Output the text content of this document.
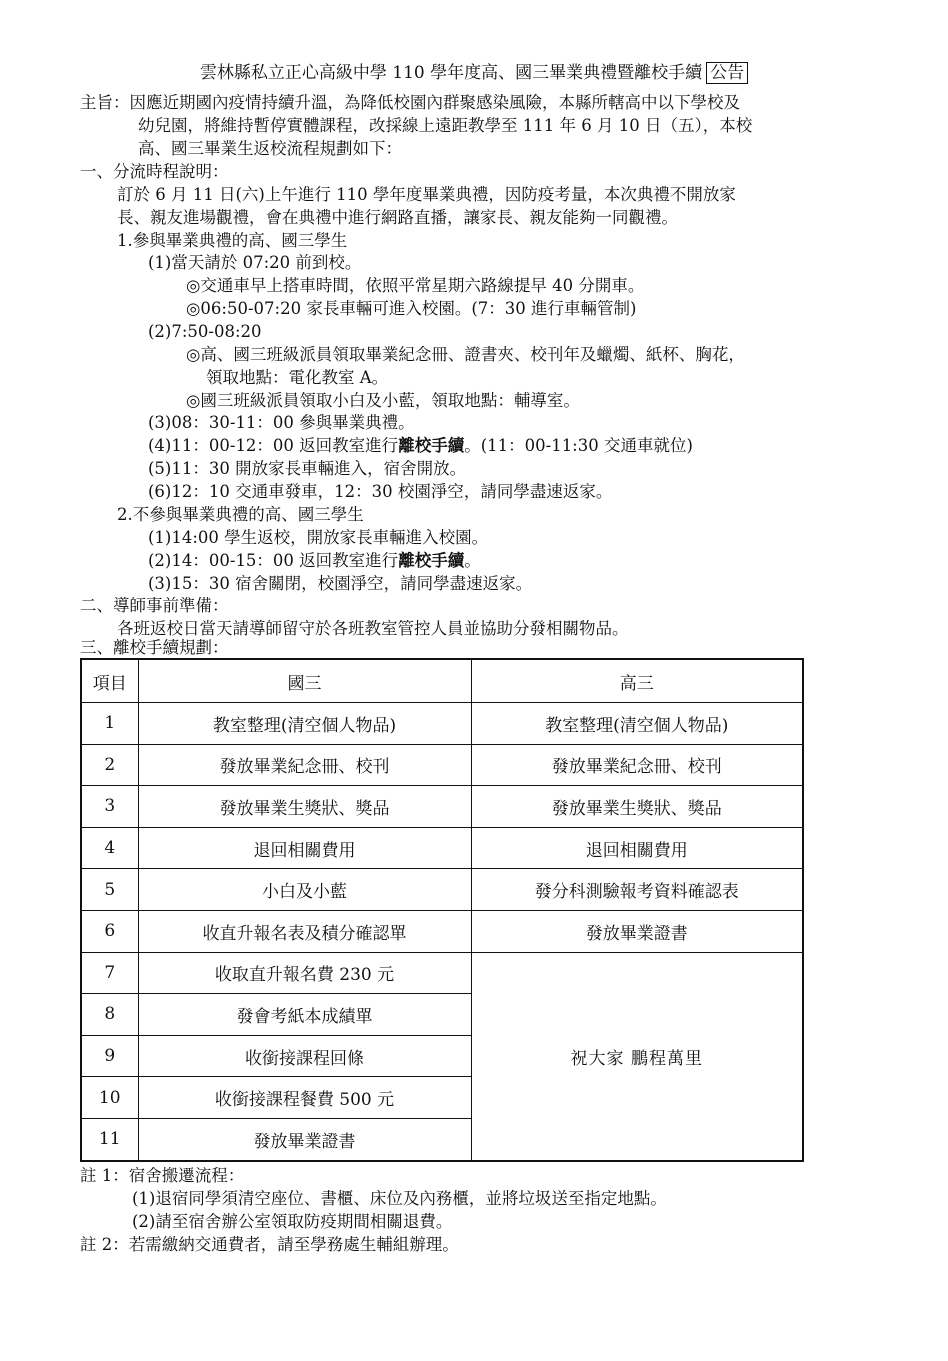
雲林縣私立正心高級中學 110 學年度高、國三畢業典禮暨離校手續 公告
主旨：因應近期國內疫情持續升溫，為降低校園內群聚感染風險，本縣所轄高中以下學校及
幼兒園，將維持暫停實體課程，改採線上遠距教學至 111 年 6 月 10 日（五），本校
高、國三畢業生返校流程規劃如下：
一、分流時程說明：
訂於 6 月 11 日(六)上午進行 110 學年度畢業典禮，因防疫考量，本次典禮不開放家
長、親友進場觀禮，會在典禮中進行網路直播，讓家長、親友能夠一同觀禮。
1.參與畢業典禮的高、國三學生
(1)當天請於 07:20 前到校。
◎交通車早上搭車時間，依照平常星期六路線提早 40 分開車。
◎06:50-07:20 家長車輛可進入校園。(7：30 進行車輛管制)
(2)7:50-08:20
◎高、國三班級派員領取畢業紀念冊、證書夾、校刊年及蠟燭、紙杯、胸花，
領取地點：電化教室 A。
◎國三班級派員領取小白及小藍，領取地點：輔導室。
(3)08：30-11：00 參與畢業典禮。
(4)11：00-12：00 返回教室進行離校手續。(11：00-11:30 交通車就位)
(5)11：30 開放家長車輛進入，宿舍開放。
(6)12：10 交通車發車，12：30 校園淨空，請同學盡速返家。
2.不參與畢業典禮的高、國三學生
(1)14:00 學生返校，開放家長車輛進入校園。
(2)14：00-15：00 返回教室進行離校手續。
(3)15：30 宿舍關閉，校園淨空，請同學盡速返家。
二、導師事前準備：
各班返校日當天請導師留守於各班教室管控人員並協助分發相關物品。
三、離校手續規劃：
項目	國三	高三
1	教室整理(清空個人物品)	教室整理(清空個人物品)
2	發放畢業紀念冊、校刊	發放畢業紀念冊、校刊
3	發放畢業生獎狀、獎品	發放畢業生獎狀、獎品
4	退回相關費用	退回相關費用
5	小白及小藍	發分科測驗報考資料確認表
6	收直升報名表及積分確認單	發放畢業證書
7	收取直升報名費 230 元	祝大家 鵬程萬里
8	發會考紙本成績單	
9	收銜接課程回條	
10	收銜接課程餐費 500 元	
11	發放畢業證書	
註 1：宿舍搬遷流程：
(1)退宿同學須清空座位、書櫃、床位及內務櫃，並將垃圾送至指定地點。
(2)請至宿舍辦公室領取防疫期間相關退費。
註 2：若需繳納交通費者，請至學務處生輔組辦理。
